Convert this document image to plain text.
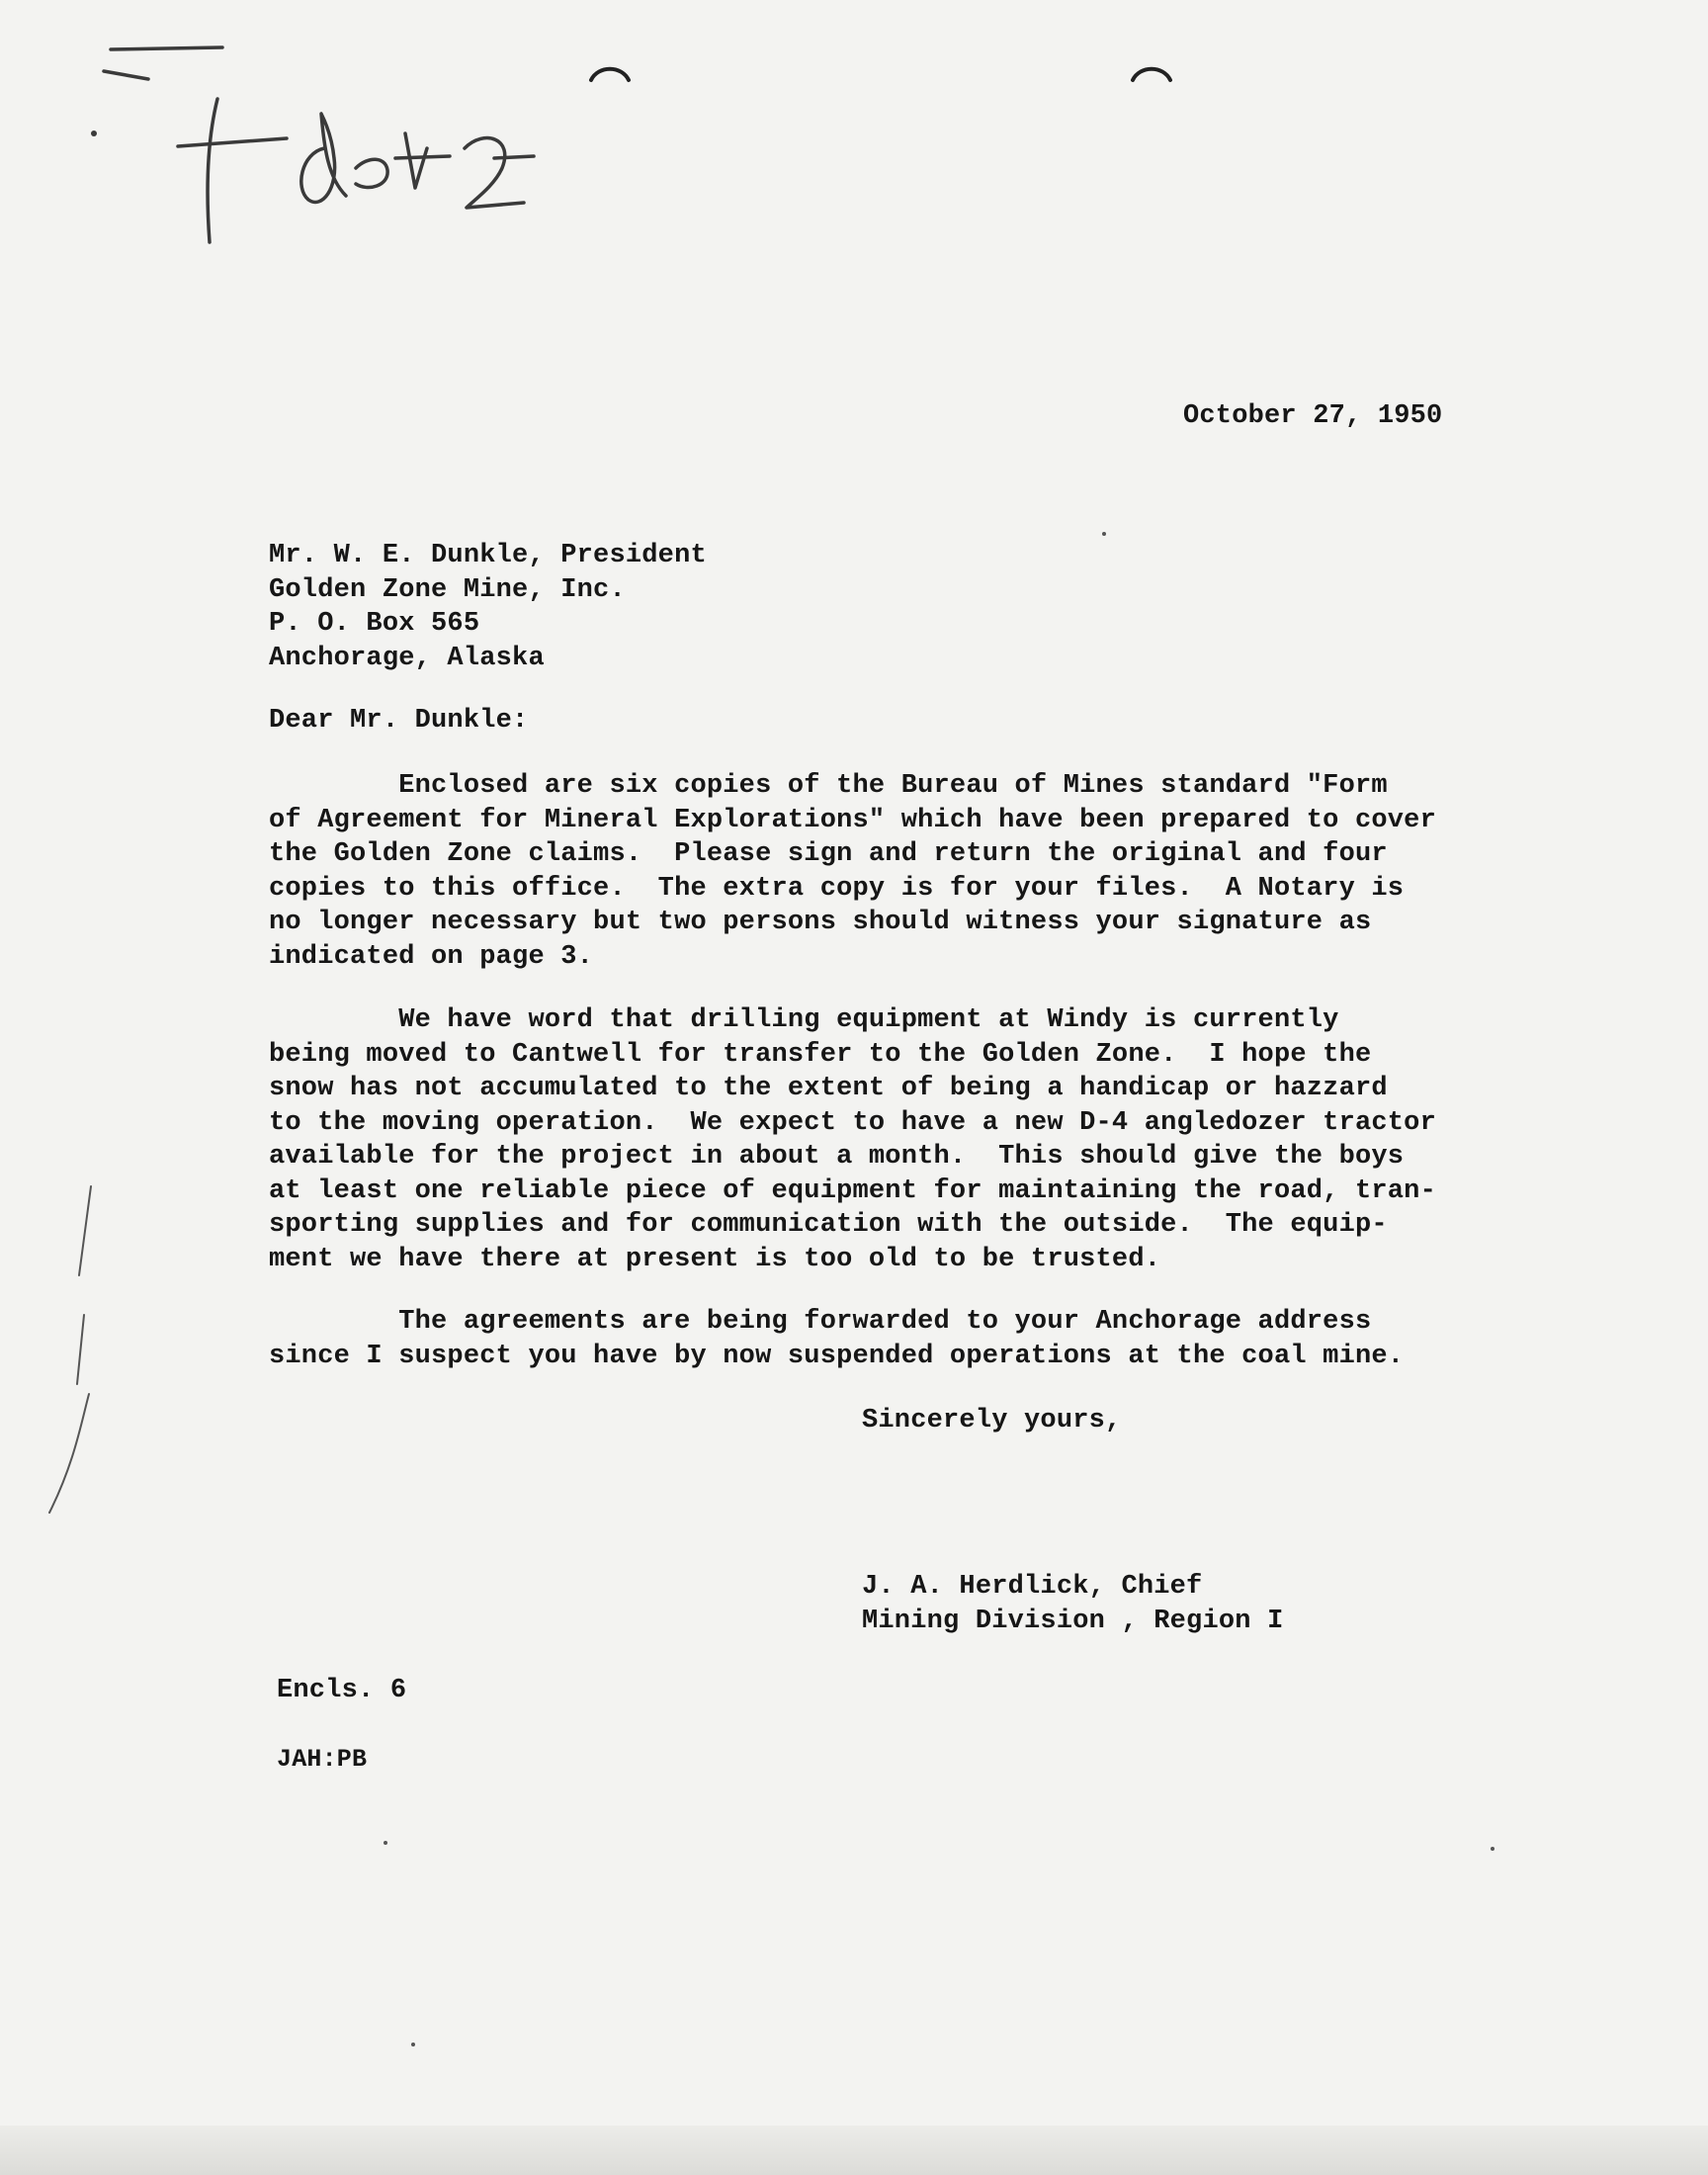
October 27, 1950

Mr. W. E. Dunkle, President
Golden Zone Mine, Inc.
P. O. Box 565
Anchorage, Alaska

Dear Mr. Dunkle:

Enclosed are six copies of the Bureau of Mines standard "Form
of Agreement for Mineral Explorations" which have been prepared to cover
the Golden Zone claims.  Please sign and return the original and four
copies to this office.  The extra copy is for your files.  A Notary is
no longer necessary but two persons should witness your signature as
indicated on page 3.
We have word that drilling equipment at Windy is currently
being moved to Cantwell for transfer to the Golden Zone.  I hope the
snow has not accumulated to the extent of being a handicap or hazzard
to the moving operation.  We expect to have a new D-4 angledozer tractor
available for the project in about a month.  This should give the boys
at least one reliable piece of equipment for maintaining the road, tran-
sporting supplies and for communication with the outside.  The equip-
ment we have there at present is too old to be trusted.
The agreements are being forwarded to your Anchorage address
since I suspect you have by now suspended operations at the coal mine.

Sincerely yours,

J. A. Herdlick, Chief
Mining Division , Region I

Encls. 6

JAH:PB
